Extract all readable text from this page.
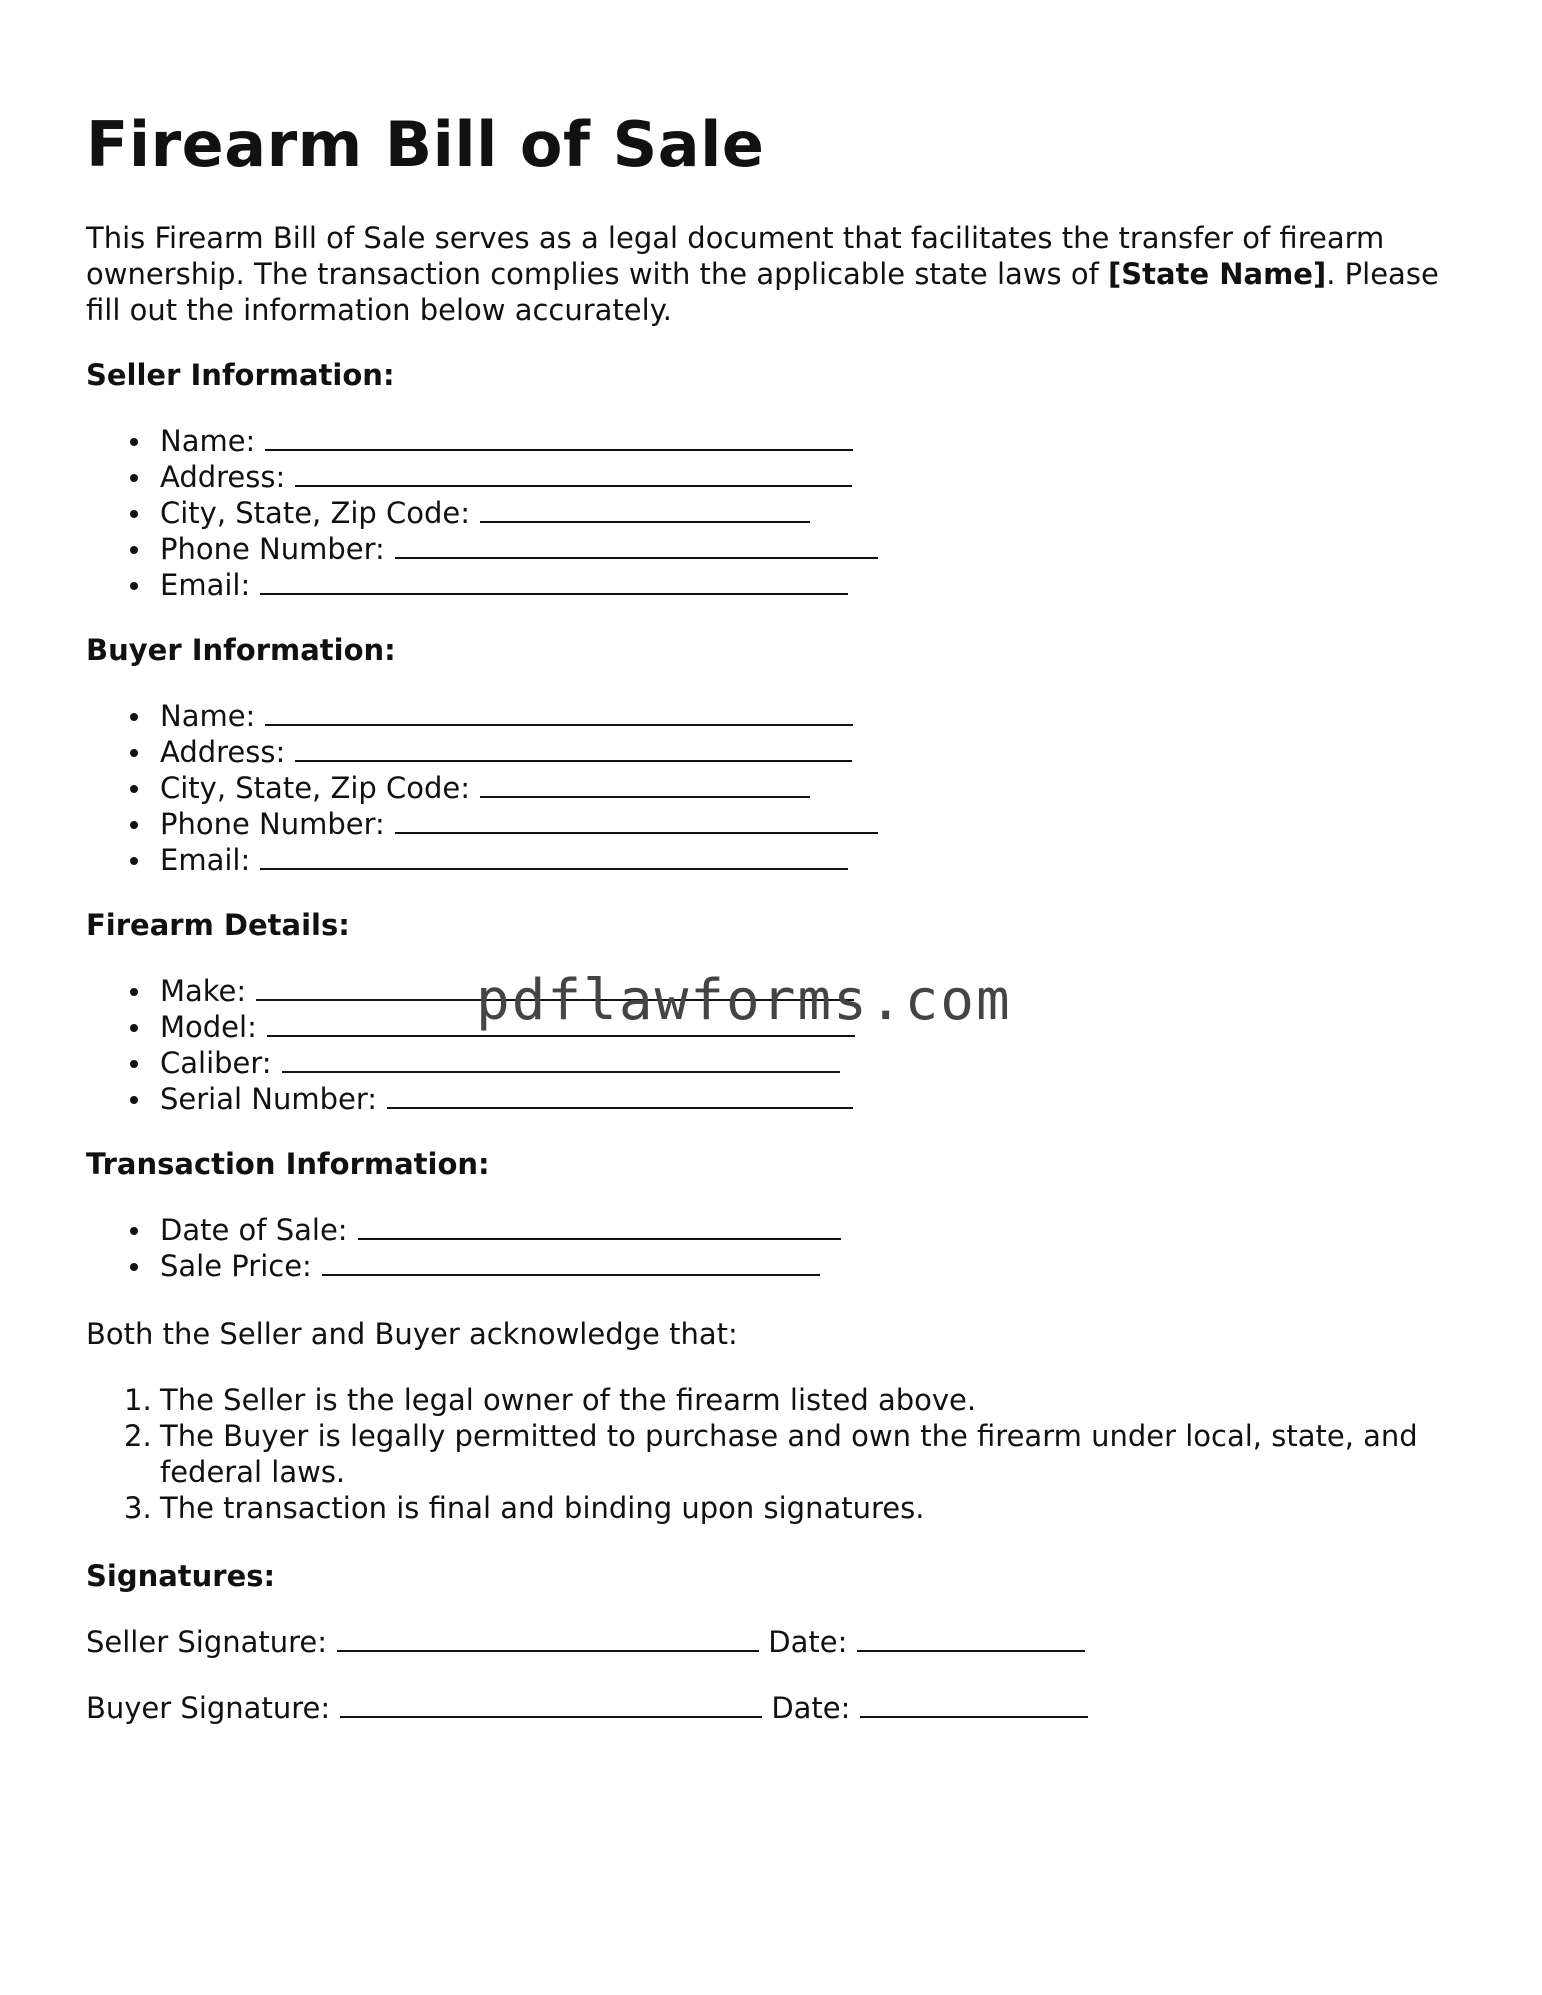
Firearm Bill of Sale

This Firearm Bill of Sale serves as a legal document that facilitates the transfer of firearm ownership. The transaction complies with the applicable state laws of [State Name]. Please fill out the information below accurately.

Seller Information:
Name:
Address:
City, State, Zip Code:
Phone Number:
Email:
Buyer Information:
Name:
Address:
City, State, Zip Code:
Phone Number:
Email:
Firearm Details:
Make:
Model:
Caliber:
Serial Number:
Transaction Information:
Date of Sale:
Sale Price:

Both the Seller and Buyer acknowledge that:

1. The Seller is the legal owner of the firearm listed above.
2. The Buyer is legally permitted to purchase and own the firearm under local, state, and federal laws.
3. The transaction is final and binding upon signatures.
Signatures:

Seller Signature:	Date:

Buyer Signature:	Date:

pdflawforms.com
